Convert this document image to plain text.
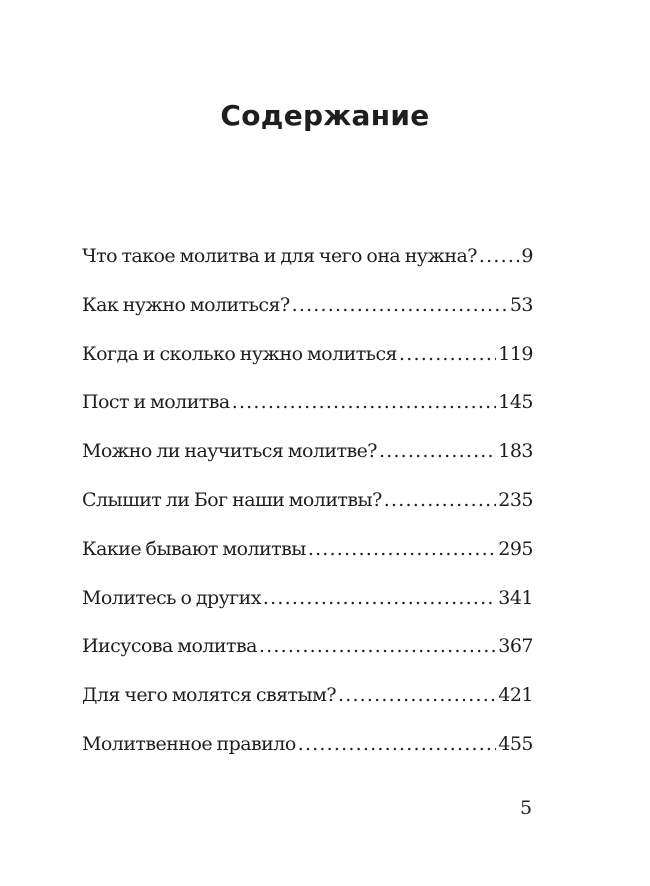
Содержание
Что такое молитва и для чего она нужна? ..... 9
Как нужно молиться? .....	53
Когда и сколько нужно молиться .....	119
Пост и молитва .....	145
Можно ли научиться молитве? .....	183
Слышит ли Бог наши молитвы? .....	235
Какие бывают молитвы .....	295
Молитесь о других .....	341
Иисусова молитва .....	367
Для чего молятся святым? .....	421
Молитвенное правило .....	455
5
